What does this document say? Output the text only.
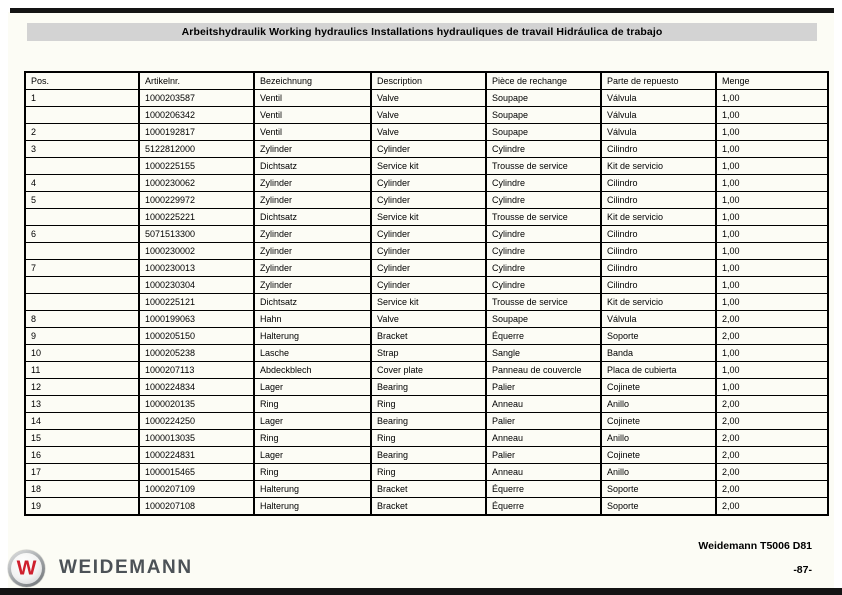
Arbeitshydraulik Working hydraulics Installations hydrauliques de travail Hidráulica de trabajo
Pos.	Artikelnr.	Bezeichnung	Description	Pièce de rechange	Parte de repuesto	Menge
1	1000203587	Ventil	Valve	Soupape	Válvula	1,00
	1000206342	Ventil	Valve	Soupape	Válvula	1,00
2	1000192817	Ventil	Valve	Soupape	Válvula	1,00
3	5122812000	Zylinder	Cylinder	Cylindre	Cilindro	1,00
	1000225155	Dichtsatz	Service kit	Trousse de service	Kit de servicio	1,00
4	1000230062	Zylinder	Cylinder	Cylindre	Cilindro	1,00
5	1000229972	Zylinder	Cylinder	Cylindre	Cilindro	1,00
	1000225221	Dichtsatz	Service kit	Trousse de service	Kit de servicio	1,00
6	5071513300	Zylinder	Cylinder	Cylindre	Cilindro	1,00
	1000230002	Zylinder	Cylinder	Cylindre	Cilindro	1,00
7	1000230013	Zylinder	Cylinder	Cylindre	Cilindro	1,00
	1000230304	Zylinder	Cylinder	Cylindre	Cilindro	1,00
	1000225121	Dichtsatz	Service kit	Trousse de service	Kit de servicio	1,00
8	1000199063	Hahn	Valve	Soupape	Válvula	2,00
9	1000205150	Halterung	Bracket	Équerre	Soporte	2,00
10	1000205238	Lasche	Strap	Sangle	Banda	1,00
11	1000207113	Abdeckblech	Cover plate	Panneau de couvercle	Placa de cubierta	1,00
12	1000224834	Lager	Bearing	Palier	Cojinete	1,00
13	1000020135	Ring	Ring	Anneau	Anillo	2,00
14	1000224250	Lager	Bearing	Palier	Cojinete	2,00
15	1000013035	Ring	Ring	Anneau	Anillo	2,00
16	1000224831	Lager	Bearing	Palier	Cojinete	2,00
17	1000015465	Ring	Ring	Anneau	Anillo	2,00
18	1000207109	Halterung	Bracket	Équerre	Soporte	2,00
19	1000207108	Halterung	Bracket	Équerre	Soporte	2,00
W WEIDEMANN
Weidemann T5006 D81
-87-
